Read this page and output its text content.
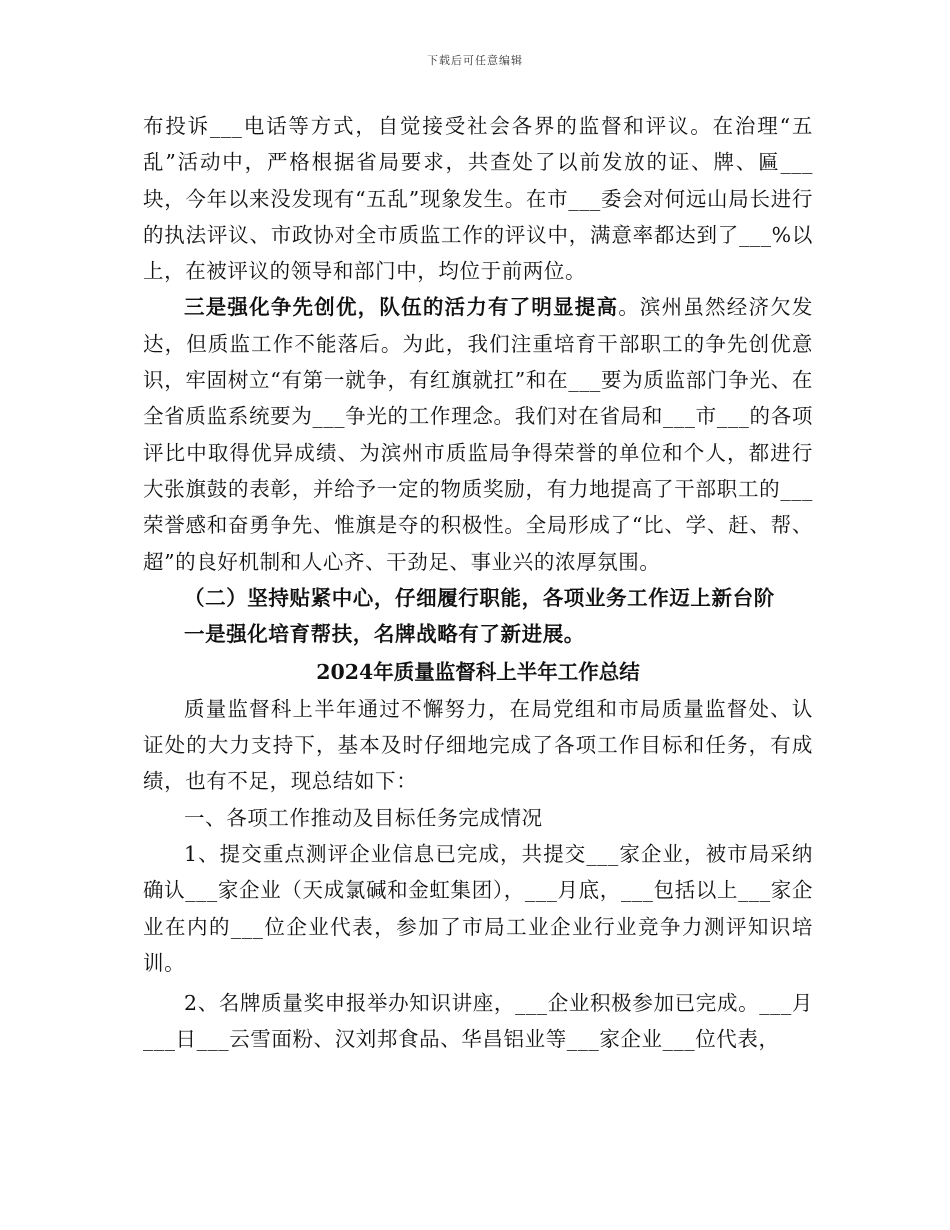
下载后可任意编辑

布投诉___电话等方式，自觉接受社会各界的监督和评议。在治理“五乱”活动中，严格根据省局要求，共查处了以前发放的证、牌、匾___块，今年以来没发现有“五乱”现象发生。在市___委会对何远山局长进行的执法评议、市政协对全市质监工作的评议中，满意率都达到了___%以上，在被评议的领导和部门中，均位于前两位。

三是强化争先创优，队伍的活力有了明显提高。滨州虽然经济欠发达，但质监工作不能落后。为此，我们注重培育干部职工的争先创优意识，牢固树立“有第一就争，有红旗就扛”和在___要为质监部门争光、在全省质监系统要为___争光的工作理念。我们对在省局和___市___的各项评比中取得优异成绩、为滨州市质监局争得荣誉的单位和个人，都进行大张旗鼓的表彰，并给予一定的物质奖励，有力地提高了干部职工的___荣誉感和奋勇争先、惟旗是夺的积极性。全局形成了“比、学、赶、帮、超”的良好机制和人心齐、干劲足、事业兴的浓厚氛围。

（二）坚持贴紧中心，仔细履行职能，各项业务工作迈上新台阶

一是强化培育帮扶，名牌战略有了新进展。

2024年质量监督科上半年工作总结

质量监督科上半年通过不懈努力，在局党组和市局质量监督处、认证处的大力支持下，基本及时仔细地完成了各项工作目标和任务，有成绩，也有不足，现总结如下：

一、各项工作推动及目标任务完成情况

1、提交重点测评企业信息已完成，共提交___家企业，被市局采纳确认___家企业（天成氯碱和金虹集团），___月底，___包括以上___家企业在内的___位企业代表，参加了市局工业企业行业竞争力测评知识培训。

2、名牌质量奖申报举办知识讲座，___企业积极参加已完成。___月___日___云雪面粉、汉刘邦食品、华昌铝业等___家企业___位代表，
